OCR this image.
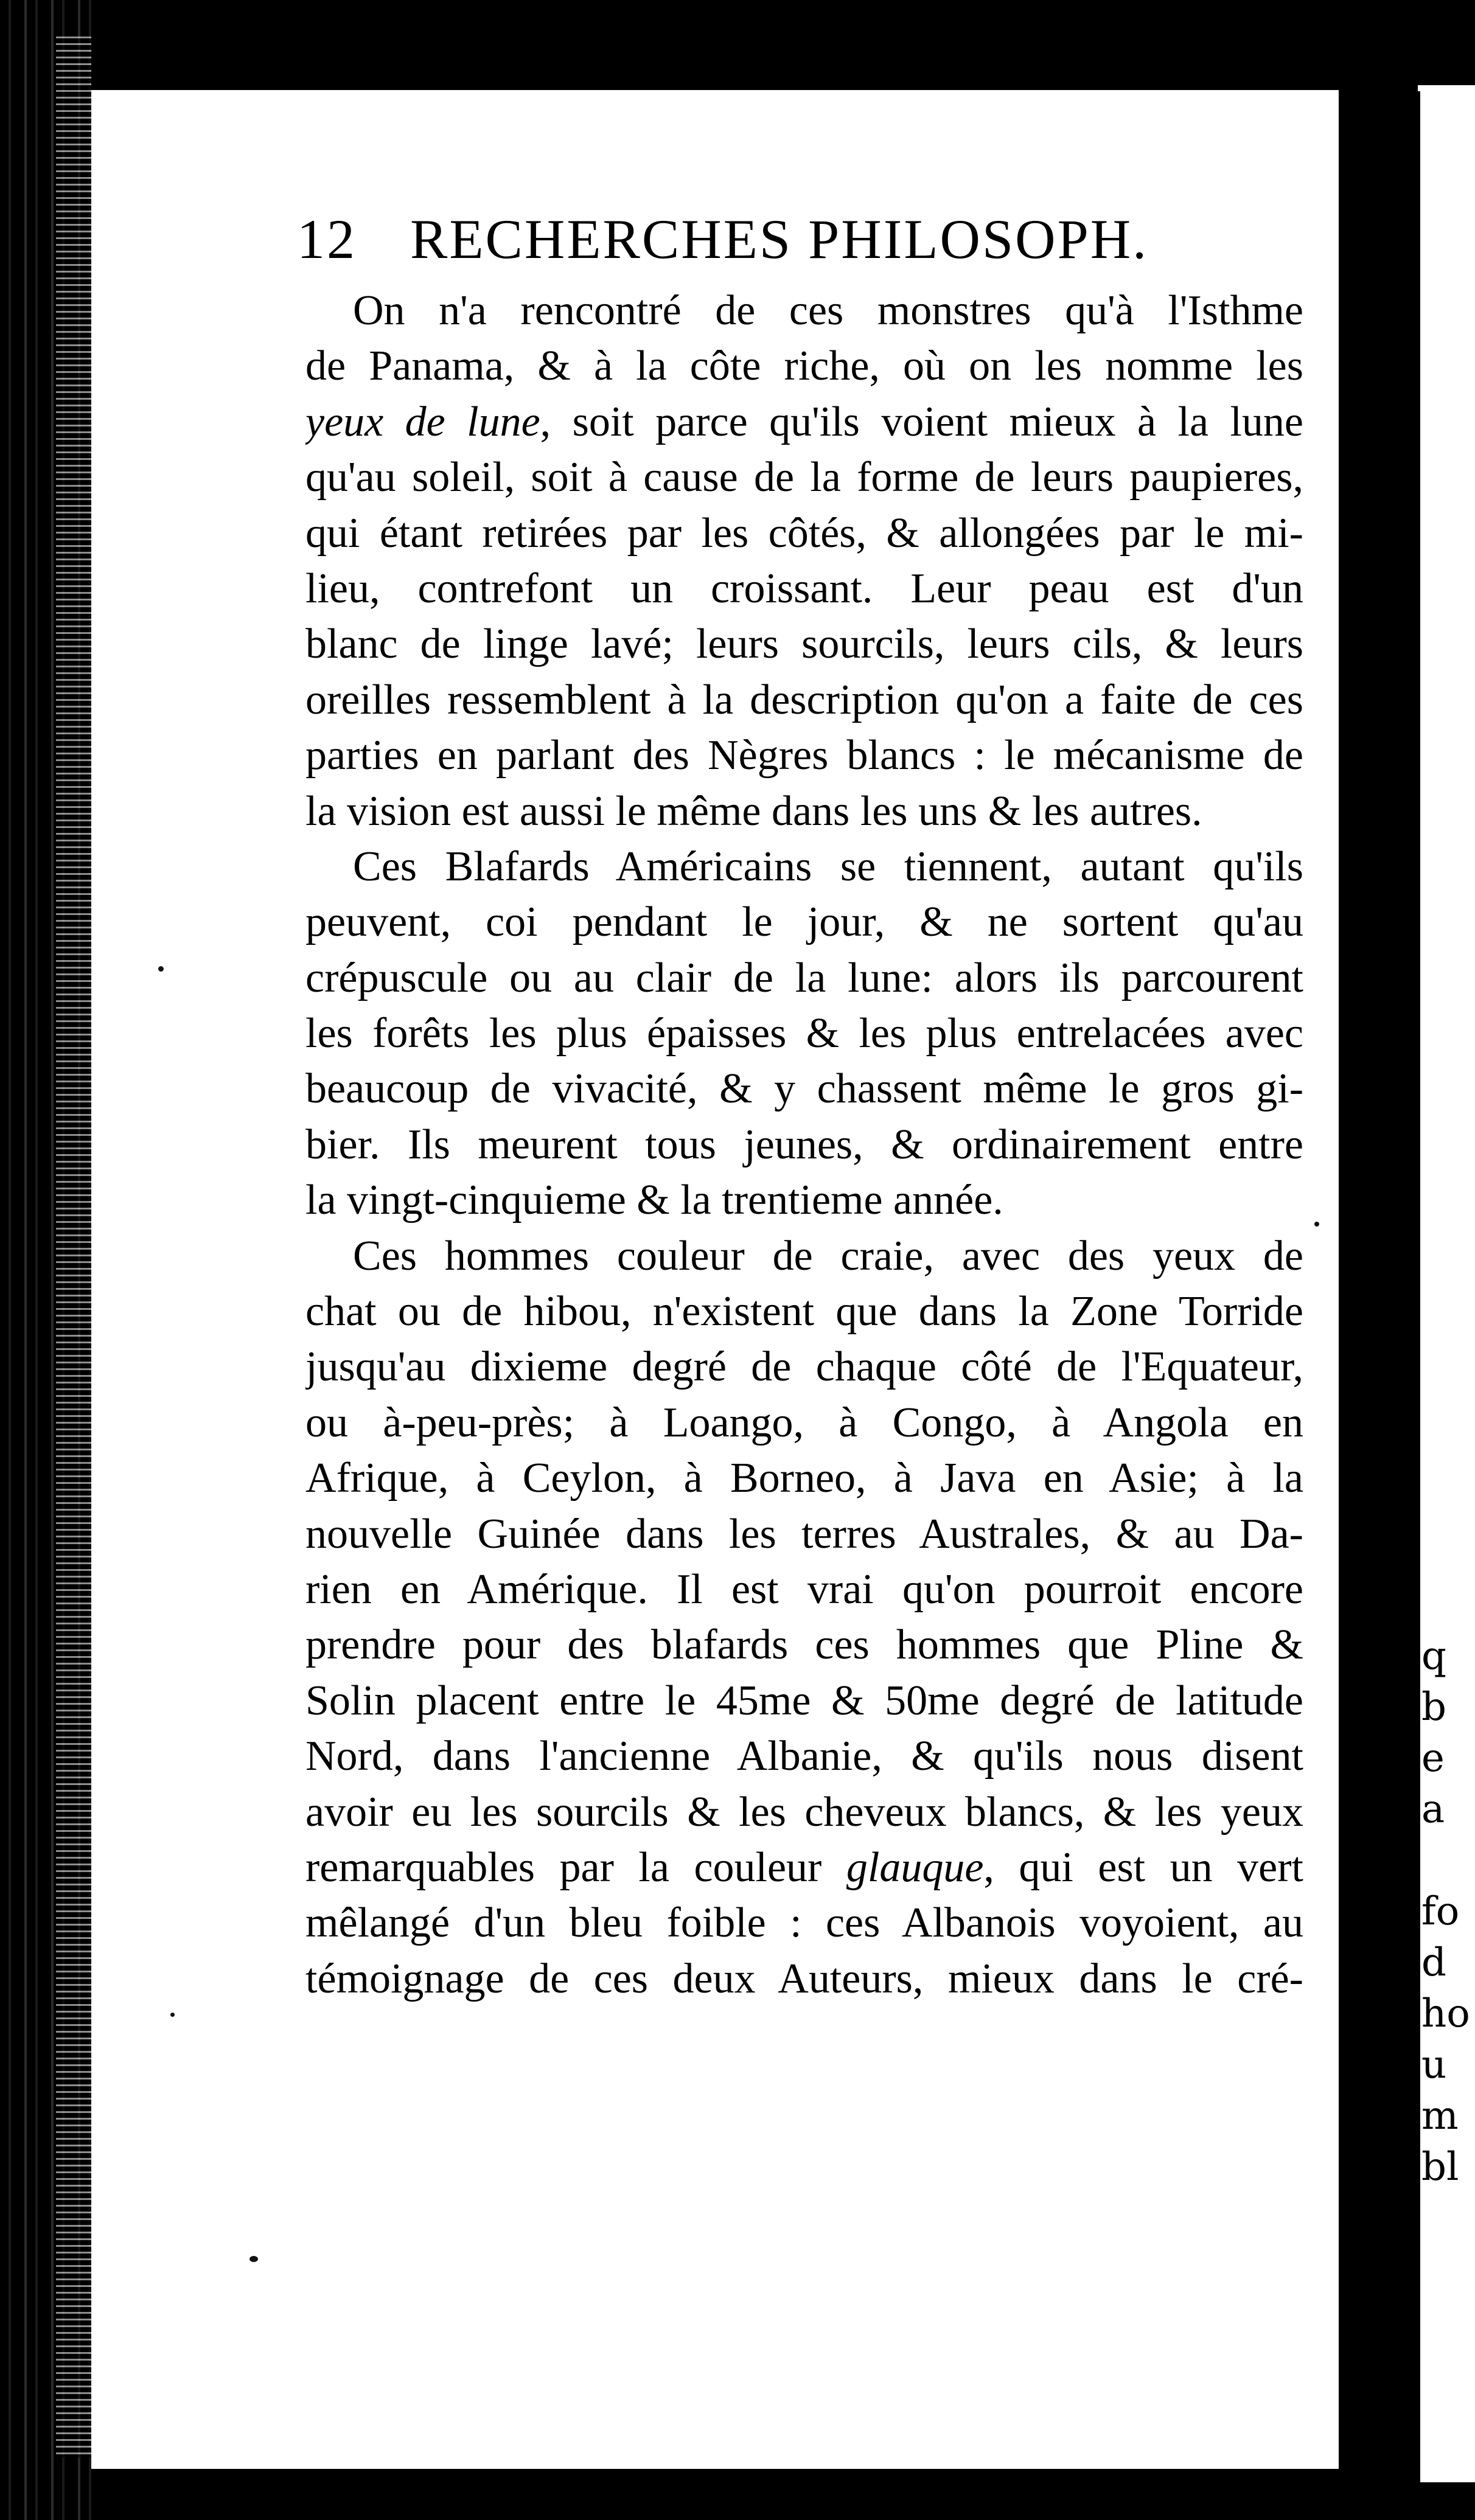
q
b
e
a

fo
d
ho
u
m
bl
12 RECHERCHES PHILOSOPH.
On n'a rencontré de ces monstres qu'à l'Isthme
de Panama, & à la côte riche, où on les nomme les
yeux de lune, soit parce qu'ils voient mieux à la lune
qu'au soleil, soit à cause de la forme de leurs paupieres,
qui étant retirées par les côtés, & allongées par le mi-
lieu, contrefont un croissant. Leur peau est d'un
blanc de linge lavé; leurs sourcils, leurs cils, & leurs
oreilles ressemblent à la description qu'on a faite de ces
parties en parlant des Nègres blancs : le mécanisme de
la vision est aussi le même dans les uns & les autres.
Ces Blafards Américains se tiennent, autant qu'ils
peuvent, coi pendant le jour, & ne sortent qu'au
crépuscule ou au clair de la lune: alors ils parcourent
les forêts les plus épaisses & les plus entrelacées avec
beaucoup de vivacité, & y chassent même le gros gi-
bier. Ils meurent tous jeunes, & ordinairement entre
la vingt-cinquieme & la trentieme année.
Ces hommes couleur de craie, avec des yeux de
chat ou de hibou, n'existent que dans la Zone Torride
jusqu'au dixieme degré de chaque côté de l'Equateur,
ou à-peu-près; à Loango, à Congo, à Angola en
Afrique, à Ceylon, à Borneo, à Java en Asie; à la
nouvelle Guinée dans les terres Australes, & au Da-
rien en Amérique. Il est vrai qu'on pourroit encore
prendre pour des blafards ces hommes que Pline &
Solin placent entre le 45me & 50me degré de latitude
Nord, dans l'ancienne Albanie, & qu'ils nous disent
avoir eu les sourcils & les cheveux blancs, & les yeux
remarquables par la couleur glauque, qui est un vert
mêlangé d'un bleu foible : ces Albanois voyoient, au
témoignage de ces deux Auteurs, mieux dans le cré-
